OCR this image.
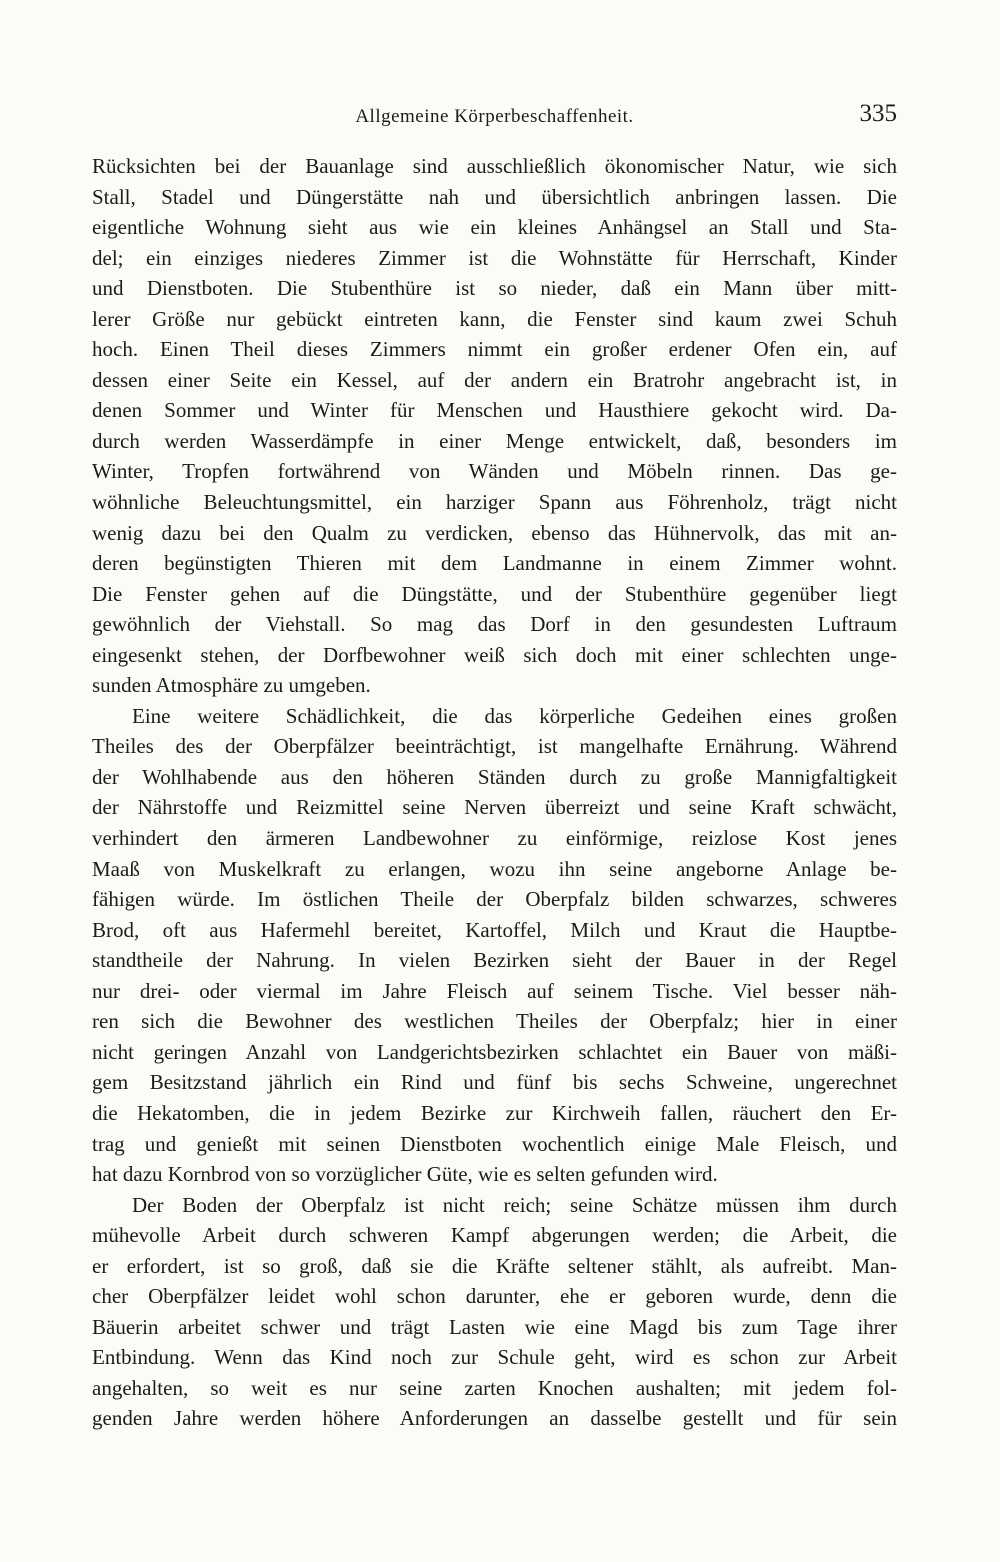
Allgemeine Körperbeschaffenheit.	335
Rücksichten bei der Bauanlage sind ausschließlich ökonomischer Natur, wie sich
Stall, Stadel und Düngerstätte nah und übersichtlich anbringen lassen. Die
eigentliche Wohnung sieht aus wie ein kleines Anhängsel an Stall und Sta-
del; ein einziges niederes Zimmer ist die Wohnstätte für Herrschaft, Kinder
und Dienstboten. Die Stubenthüre ist so nieder, daß ein Mann über mitt-
lerer Größe nur gebückt eintreten kann, die Fenster sind kaum zwei Schuh
hoch. Einen Theil dieses Zimmers nimmt ein großer erdener Ofen ein, auf
dessen einer Seite ein Kessel, auf der andern ein Bratrohr angebracht ist, in
denen Sommer und Winter für Menschen und Hausthiere gekocht wird. Da-
durch werden Wasserdämpfe in einer Menge entwickelt, daß, besonders im
Winter, Tropfen fortwährend von Wänden und Möbeln rinnen. Das ge-
wöhnliche Beleuchtungsmittel, ein harziger Spann aus Föhrenholz, trägt nicht
wenig dazu bei den Qualm zu verdicken, ebenso das Hühnervolk, das mit an-
deren begünstigten Thieren mit dem Landmanne in einem Zimmer wohnt.
Die Fenster gehen auf die Düngstätte, und der Stubenthüre gegenüber liegt
gewöhnlich der Viehstall. So mag das Dorf in den gesundesten Luftraum
eingesenkt stehen, der Dorfbewohner weiß sich doch mit einer schlechten unge-
sunden Atmosphäre zu umgeben.
Eine weitere Schädlichkeit, die das körperliche Gedeihen eines großen
Theiles des der Oberpfälzer beeinträchtigt, ist mangelhafte Ernährung. Während
der Wohlhabende aus den höheren Ständen durch zu große Mannigfaltigkeit
der Nährstoffe und Reizmittel seine Nerven überreizt und seine Kraft schwächt,
verhindert den ärmeren Landbewohner zu einförmige, reizlose Kost jenes
Maaß von Muskelkraft zu erlangen, wozu ihn seine angeborne Anlage be-
fähigen würde. Im östlichen Theile der Oberpfalz bilden schwarzes, schweres
Brod, oft aus Hafermehl bereitet, Kartoffel, Milch und Kraut die Hauptbe-
standtheile der Nahrung. In vielen Bezirken sieht der Bauer in der Regel
nur drei- oder viermal im Jahre Fleisch auf seinem Tische. Viel besser näh-
ren sich die Bewohner des westlichen Theiles der Oberpfalz; hier in einer
nicht geringen Anzahl von Landgerichtsbezirken schlachtet ein Bauer von mäßi-
gem Besitzstand jährlich ein Rind und fünf bis sechs Schweine, ungerechnet
die Hekatomben, die in jedem Bezirke zur Kirchweih fallen, räuchert den Er-
trag und genießt mit seinen Dienstboten wochentlich einige Male Fleisch, und
hat dazu Kornbrod von so vorzüglicher Güte, wie es selten gefunden wird.
Der Boden der Oberpfalz ist nicht reich; seine Schätze müssen ihm durch
mühevolle Arbeit durch schweren Kampf abgerungen werden; die Arbeit, die
er erfordert, ist so groß, daß sie die Kräfte seltener stählt, als aufreibt. Man-
cher Oberpfälzer leidet wohl schon darunter, ehe er geboren wurde, denn die
Bäuerin arbeitet schwer und trägt Lasten wie eine Magd bis zum Tage ihrer
Entbindung. Wenn das Kind noch zur Schule geht, wird es schon zur Arbeit
angehalten, so weit es nur seine zarten Knochen aushalten; mit jedem fol-
genden Jahre werden höhere Anforderungen an dasselbe gestellt und für sein
